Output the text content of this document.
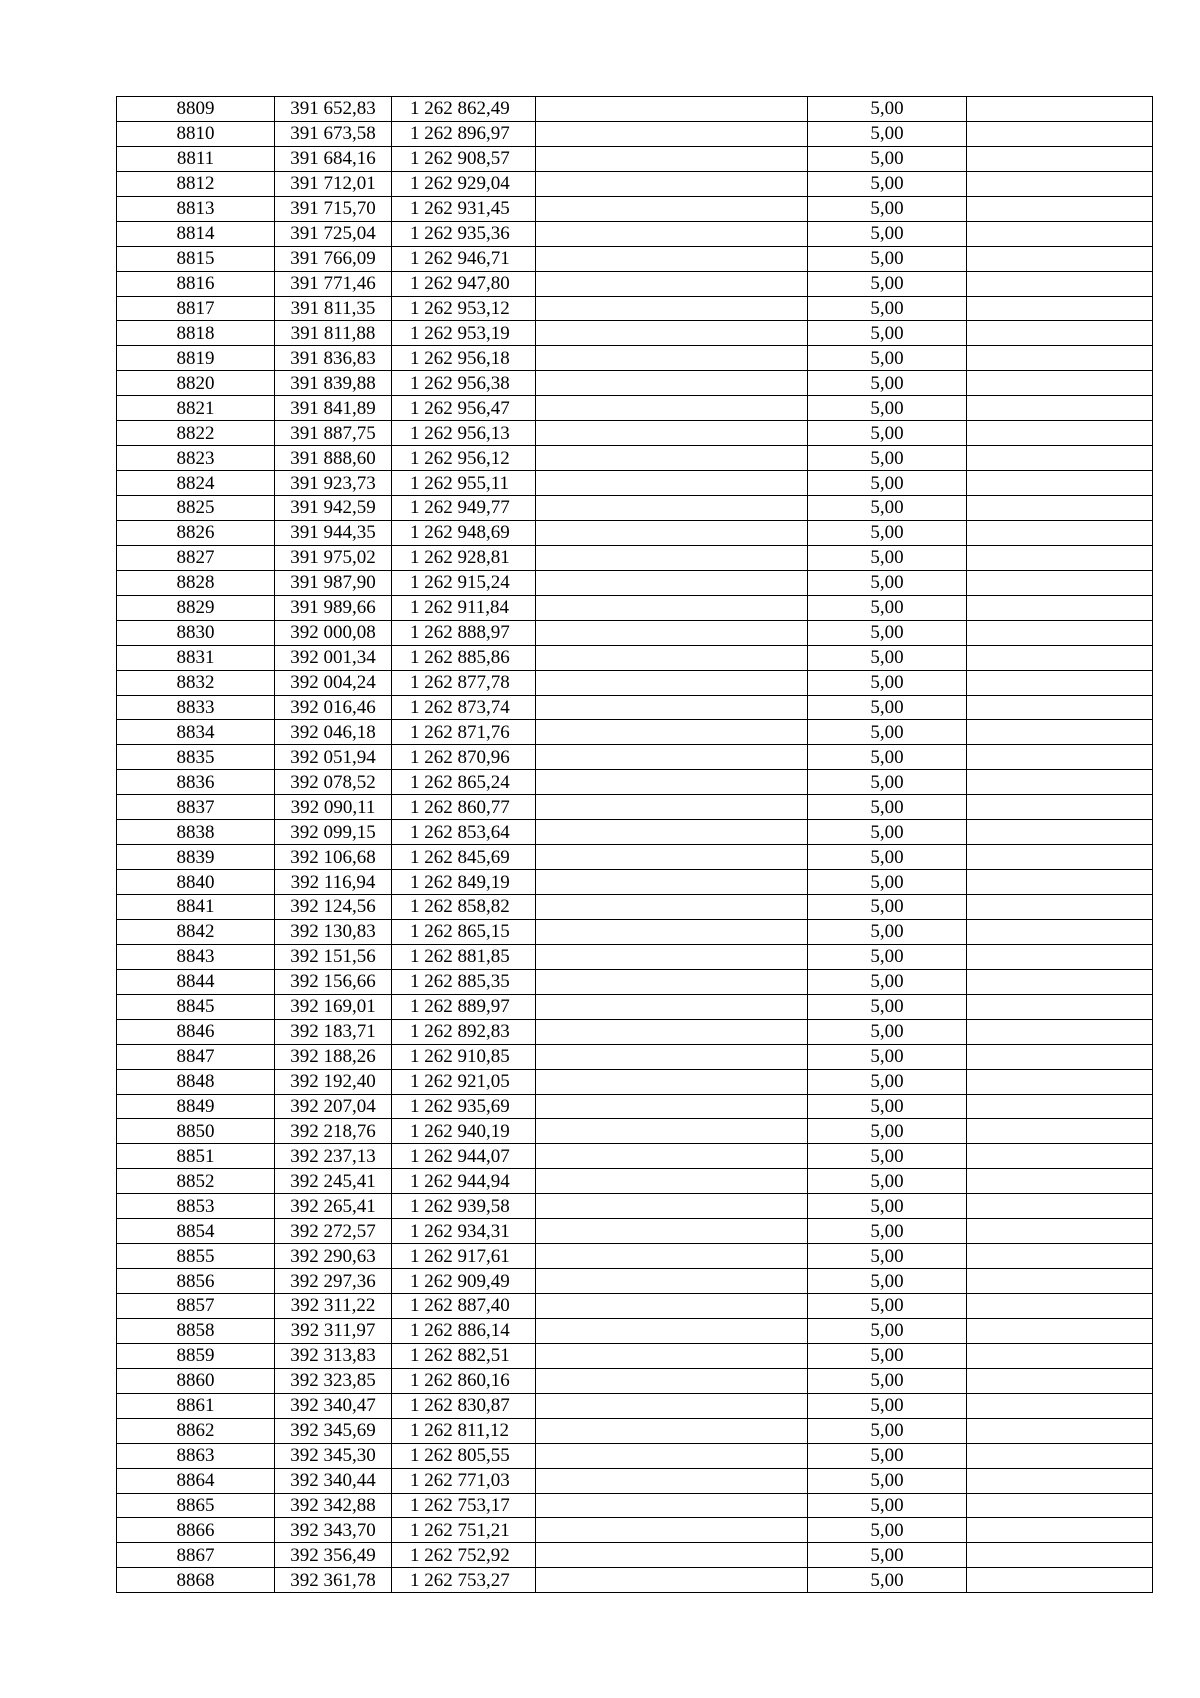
8809	391 652,83	1 262 862,49		5,00	
8810	391 673,58	1 262 896,97		5,00	
8811	391 684,16	1 262 908,57		5,00	
8812	391 712,01	1 262 929,04		5,00	
8813	391 715,70	1 262 931,45		5,00	
8814	391 725,04	1 262 935,36		5,00	
8815	391 766,09	1 262 946,71		5,00	
8816	391 771,46	1 262 947,80		5,00	
8817	391 811,35	1 262 953,12		5,00	
8818	391 811,88	1 262 953,19		5,00	
8819	391 836,83	1 262 956,18		5,00	
8820	391 839,88	1 262 956,38		5,00	
8821	391 841,89	1 262 956,47		5,00	
8822	391 887,75	1 262 956,13		5,00	
8823	391 888,60	1 262 956,12		5,00	
8824	391 923,73	1 262 955,11		5,00	
8825	391 942,59	1 262 949,77		5,00	
8826	391 944,35	1 262 948,69		5,00	
8827	391 975,02	1 262 928,81		5,00	
8828	391 987,90	1 262 915,24		5,00	
8829	391 989,66	1 262 911,84		5,00	
8830	392 000,08	1 262 888,97		5,00	
8831	392 001,34	1 262 885,86		5,00	
8832	392 004,24	1 262 877,78		5,00	
8833	392 016,46	1 262 873,74		5,00	
8834	392 046,18	1 262 871,76		5,00	
8835	392 051,94	1 262 870,96		5,00	
8836	392 078,52	1 262 865,24		5,00	
8837	392 090,11	1 262 860,77		5,00	
8838	392 099,15	1 262 853,64		5,00	
8839	392 106,68	1 262 845,69		5,00	
8840	392 116,94	1 262 849,19		5,00	
8841	392 124,56	1 262 858,82		5,00	
8842	392 130,83	1 262 865,15		5,00	
8843	392 151,56	1 262 881,85		5,00	
8844	392 156,66	1 262 885,35		5,00	
8845	392 169,01	1 262 889,97		5,00	
8846	392 183,71	1 262 892,83		5,00	
8847	392 188,26	1 262 910,85		5,00	
8848	392 192,40	1 262 921,05		5,00	
8849	392 207,04	1 262 935,69		5,00	
8850	392 218,76	1 262 940,19		5,00	
8851	392 237,13	1 262 944,07		5,00	
8852	392 245,41	1 262 944,94		5,00	
8853	392 265,41	1 262 939,58		5,00	
8854	392 272,57	1 262 934,31		5,00	
8855	392 290,63	1 262 917,61		5,00	
8856	392 297,36	1 262 909,49		5,00	
8857	392 311,22	1 262 887,40		5,00	
8858	392 311,97	1 262 886,14		5,00	
8859	392 313,83	1 262 882,51		5,00	
8860	392 323,85	1 262 860,16		5,00	
8861	392 340,47	1 262 830,87		5,00	
8862	392 345,69	1 262 811,12		5,00	
8863	392 345,30	1 262 805,55		5,00	
8864	392 340,44	1 262 771,03		5,00	
8865	392 342,88	1 262 753,17		5,00	
8866	392 343,70	1 262 751,21		5,00	
8867	392 356,49	1 262 752,92		5,00	
8868	392 361,78	1 262 753,27		5,00	
